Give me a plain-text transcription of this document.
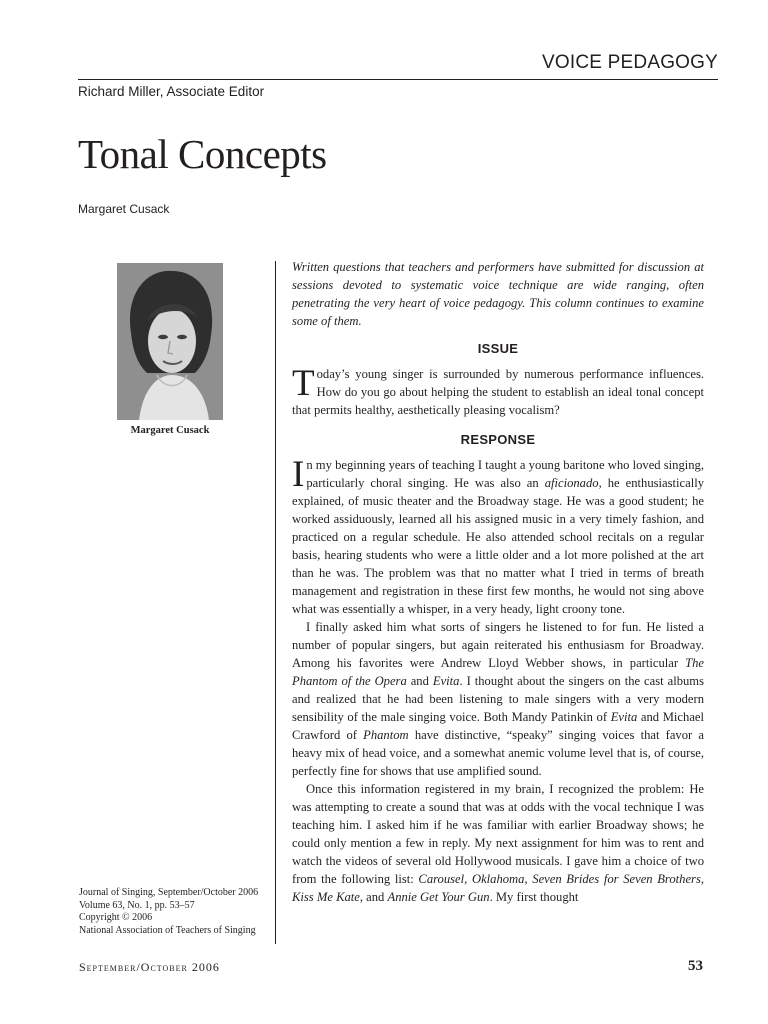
VOICE PEDAGOGY
Richard Miller, Associate Editor
Tonal Concepts
Margaret Cusack
Margaret Cusack
Journal of Singing, September/October 2006
Volume 63, No. 1, pp. 53–57
Copyright © 2006
National Association of Teachers of Singing

Written questions that teachers and performers have submitted for discussion at sessions devoted to systematic voice technique are wide ranging, often penetrating the very heart of voice pedagogy. This column continues to examine some of them.

ISSUE

Today’s young singer is surrounded by numerous performance influences. How do you go about helping the student to establish an ideal tonal concept that permits healthy, aesthetically pleasing vocalism?

RESPONSE

In my beginning years of teaching I taught a young baritone who loved singing, particularly choral singing. He was also an aficionado, he enthusiastically explained, of music theater and the Broadway stage. He was a good student; he worked assiduously, learned all his assigned music in a very timely fashion, and practiced on a regular schedule. He also attended school recitals on a regular basis, hearing students who were a little older and a lot more polished at the art than he was. The problem was that no matter what I tried in terms of breath management and registration in these first few months, he would not sing above what was essentially a whisper, in a very heady, light croony tone.

I finally asked him what sorts of singers he listened to for fun. He listed a number of popular singers, but again reiterated his enthusiasm for Broadway. Among his favorites were Andrew Lloyd Webber shows, in particular The Phantom of the Opera and Evita. I thought about the singers on the cast albums and realized that he had been listening to male singers with a very modern sensibility of the male singing voice. Both Mandy Patinkin of Evita and Michael Crawford of Phantom have distinctive, “speaky” singing voices that favor a heavy mix of head voice, and a somewhat anemic volume level that is, of course, perfectly fine for shows that use amplified sound.

Once this information registered in my brain, I recognized the problem: He was attempting to create a sound that was at odds with the vocal technique I was teaching him. I asked him if he was familiar with earlier Broadway shows; he could only mention a few in reply. My next assignment for him was to rent and watch the videos of several old Hollywood musicals. I gave him a choice of two from the following list: Carousel, Oklahoma, Seven Brides for Seven Brothers, Kiss Me Kate, and Annie Get Your Gun. My first thought

September/October 2006	53
